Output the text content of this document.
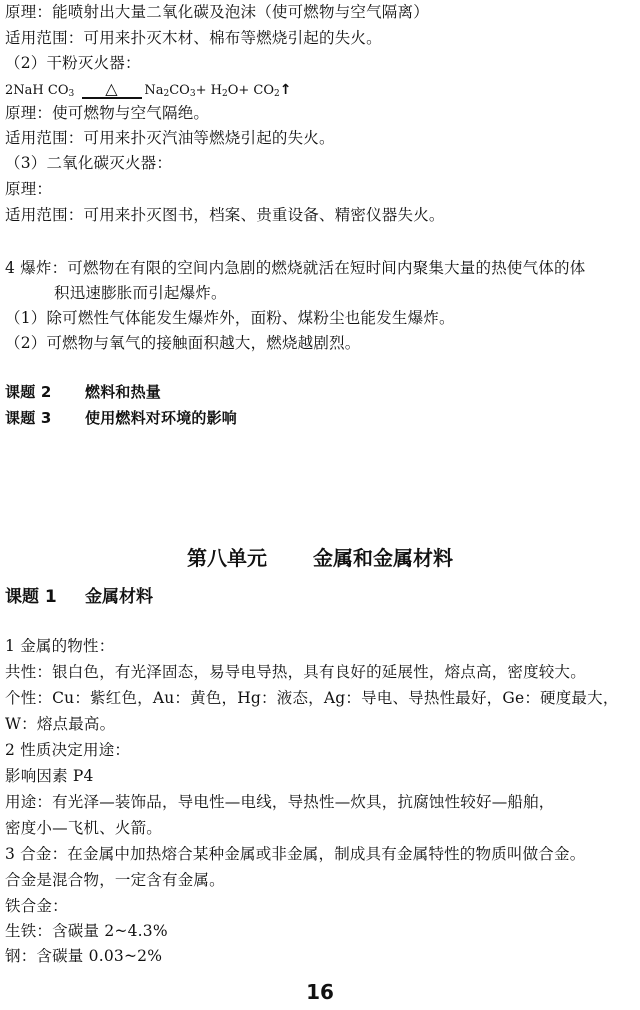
原理：能喷射出大量二氧化碳及泡沫（使可燃物与空气隔离）
适用范围：可用来扑灭木材、棉布等燃烧引起的失火。
（2）干粉灭火器：
2NaH $CO_3$ △ $Na_2CO_3+ H_2O+$ $CO_2↑$
原理：使可燃物与空气隔绝。
适用范围：可用来扑灭汽油等燃烧引起的失火。
（3）二氧化碳灭火器：
原理：
适用范围：可用来扑灭图书，档案、贵重设备、精密仪器失火。
4 爆炸：可燃物在有限的空间内急剧的燃烧就活在短时间内聚集大量的热使气体的体
积迅速膨胀而引起爆炸。
（1）除可燃性气体能发生爆炸外，面粉、煤粉尘也能发生爆炸。
（2）可燃物与氧气的接触面积越大，燃烧越剧烈。
课题 2 燃料和热量
课题 3 使用燃料对环境的影响
第八单元 金属和金属材料
课题 1 金属材料
1 金属的物性：
共性：银白色，有光泽固态，易导电导热，具有良好的延展性，熔点高，密度较大。
个性：Cu：紫红色，Au：黄色，Hg：液态，Ag：导电、导热性最好，Ge：硬度最大，
W：熔点最高。
2 性质决定用途：
影响因素 P4
用途：有光泽—装饰品，导电性—电线，导热性—炊具，抗腐蚀性较好—船舶，
密度小—飞机、火箭。
3 合金：在金属中加热熔合某种金属或非金属，制成具有金属特性的物质叫做合金。
合金是混合物，一定含有金属。
铁合金：
生铁：含碳量 2~4.3%
钢：含碳量 0.03~2%
16
